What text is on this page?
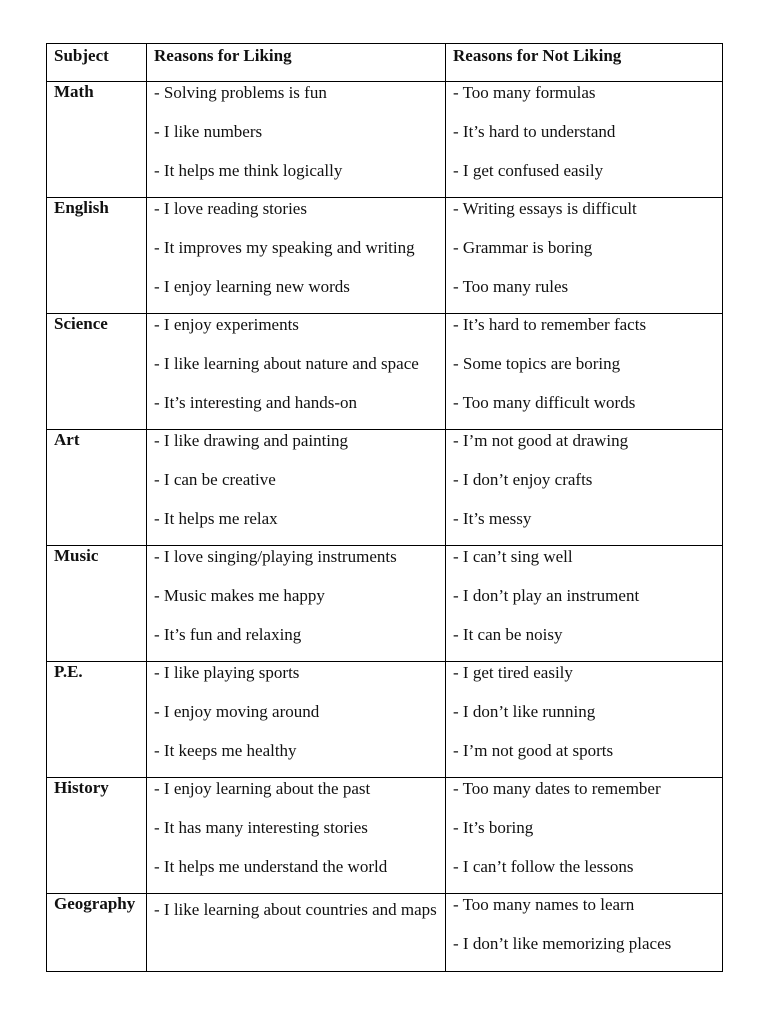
Subject	Reasons for Liking	Reasons for Not Liking
Math	- Solving problems is fun
- I like numbers
- It helps me think logically	- Too many formulas
- It’s hard to understand
- I get confused easily

English	- I love reading stories
- It improves my speaking and writing
- I enjoy learning new words	- Writing essays is difficult
- Grammar is boring
- Too many rules

Science	- I enjoy experiments
- I like learning about nature and space
- It’s interesting and hands-on	- It’s hard to remember facts
- Some topics are boring
- Too many difficult words

Art	- I like drawing and painting
- I can be creative
- It helps me relax	- I’m not good at drawing
- I don’t enjoy crafts
- It’s messy

Music	- I love singing/playing instruments
- Music makes me happy
- It’s fun and relaxing	- I can’t sing well
- I don’t play an instrument
- It can be noisy

P.E.	- I like playing sports
- I enjoy moving around
- It keeps me healthy	- I get tired easily
- I don’t like running
- I’m not good at sports

History	- I enjoy learning about the past
- It has many interesting stories
- It helps me understand the world	- Too many dates to remember
- It’s boring
- I can’t follow the lessons

Geography	- I like learning about countries and maps	- Too many names to learn
- I don’t like memorizing places
